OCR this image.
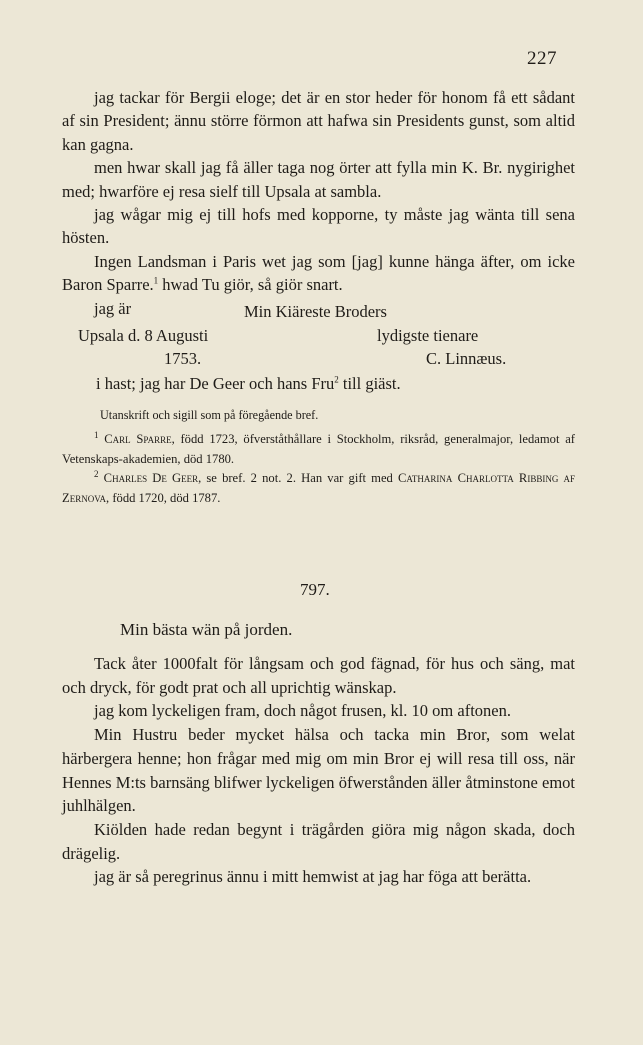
227

jag tackar för Bergii eloge; det är en stor heder för honom få ett sådant af sin President; ännu större förmon att hafwa sin Presidents gunst, som altid kan gagna.

men hwar skall jag få äller taga nog örter att fylla min K. Br. nygirighet med; hwarföre ej resa sielf till Upsala at sambla.

jag wågar mig ej till hofs med kopporne, ty måste jag wänta till sena hösten.

Ingen Landsman i Paris wet jag som [jag] kunne hänga äfter, om icke Baron Sparre.$^1$ hwad Tu giör, så giör snart.

jag är	Min Kiäreste Broders
Upsala d. 8 Augusti	lydigste tienare
1753.	C. Linnæus.
i hast; jag har De Geer och hans Fru$^2$ till giäst.
Utanskrift och sigill som på föregående bref.

$^1$ Carl Sparre, född 1723, öfverståthållare i Stockholm, riksråd, generalmajor, ledamot af Vetenskaps-akademien, död 1780.

$^2$ Charles De Geer, se bref. 2 not. 2. Han var gift med Catharina Charlotta Ribbing af Zernova, född 1720, död 1787.

797.
Min bästa wän på jorden.

Tack åter 1000falt för långsam och god fägnad, för hus och säng, mat och dryck, för godt prat och all uprichtig wänskap.

jag kom lyckeligen fram, doch något frusen, kl. 10 om aftonen.

Min Hustru beder mycket hälsa och tacka min Bror, som welat härbergera henne; hon frågar med mig om min Bror ej will resa till oss, när Hennes M:ts barnsäng blifwer lyckeligen öfwerstånden äller åtminstone emot juhlhälgen.

Kiölden hade redan begynt i trägården giöra mig någon skada, doch drägelig.

jag är så peregrinus ännu i mitt hemwist at jag har föga att berätta.
